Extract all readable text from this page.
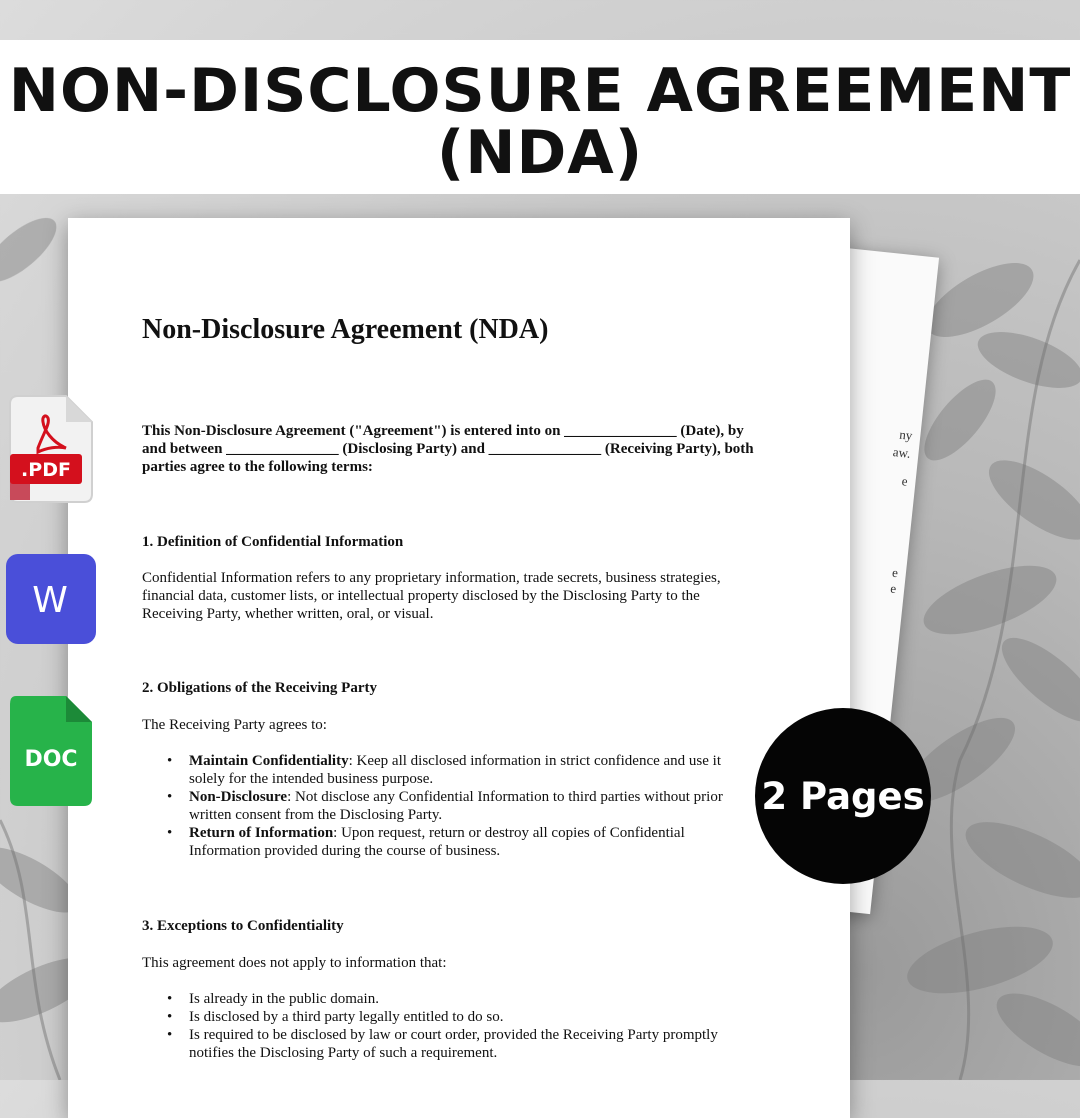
NON-DISCLOSURE AGREEMENT
(NDA)
ny
aw.
e
e
e
Non-Disclosure Agreement (NDA)
This Non-Disclosure Agreement ("Agreement") is entered into on _______________ (Date), by
and between _______________ (Disclosing Party) and _______________ (Receiving Party), both
parties agree to the following terms:
1. Definition of Confidential Information
Confidential Information refers to any proprietary information, trade secrets, business strategies,
financial data, customer lists, or intellectual property disclosed by the Disclosing Party to the
Receiving Party, whether written, oral, or visual.
2. Obligations of the Receiving Party
The Receiving Party agrees to:
• Maintain Confidentiality: Keep all disclosed information in strict confidence and use it
solely for the intended business purpose.
• Non-Disclosure: Not disclose any Confidential Information to third parties without prior
written consent from the Disclosing Party.
• Return of Information: Upon request, return or destroy all copies of Confidential
Information provided during the course of business.
3. Exceptions to Confidentiality
This agreement does not apply to information that:
• Is already in the public domain.
• Is disclosed by a third party legally entitled to do so.
• Is required to be disclosed by law or court order, provided the Receiving Party promptly
notifies the Disclosing Party of such a requirement.
.PDF
W
DOC
2 Pages
